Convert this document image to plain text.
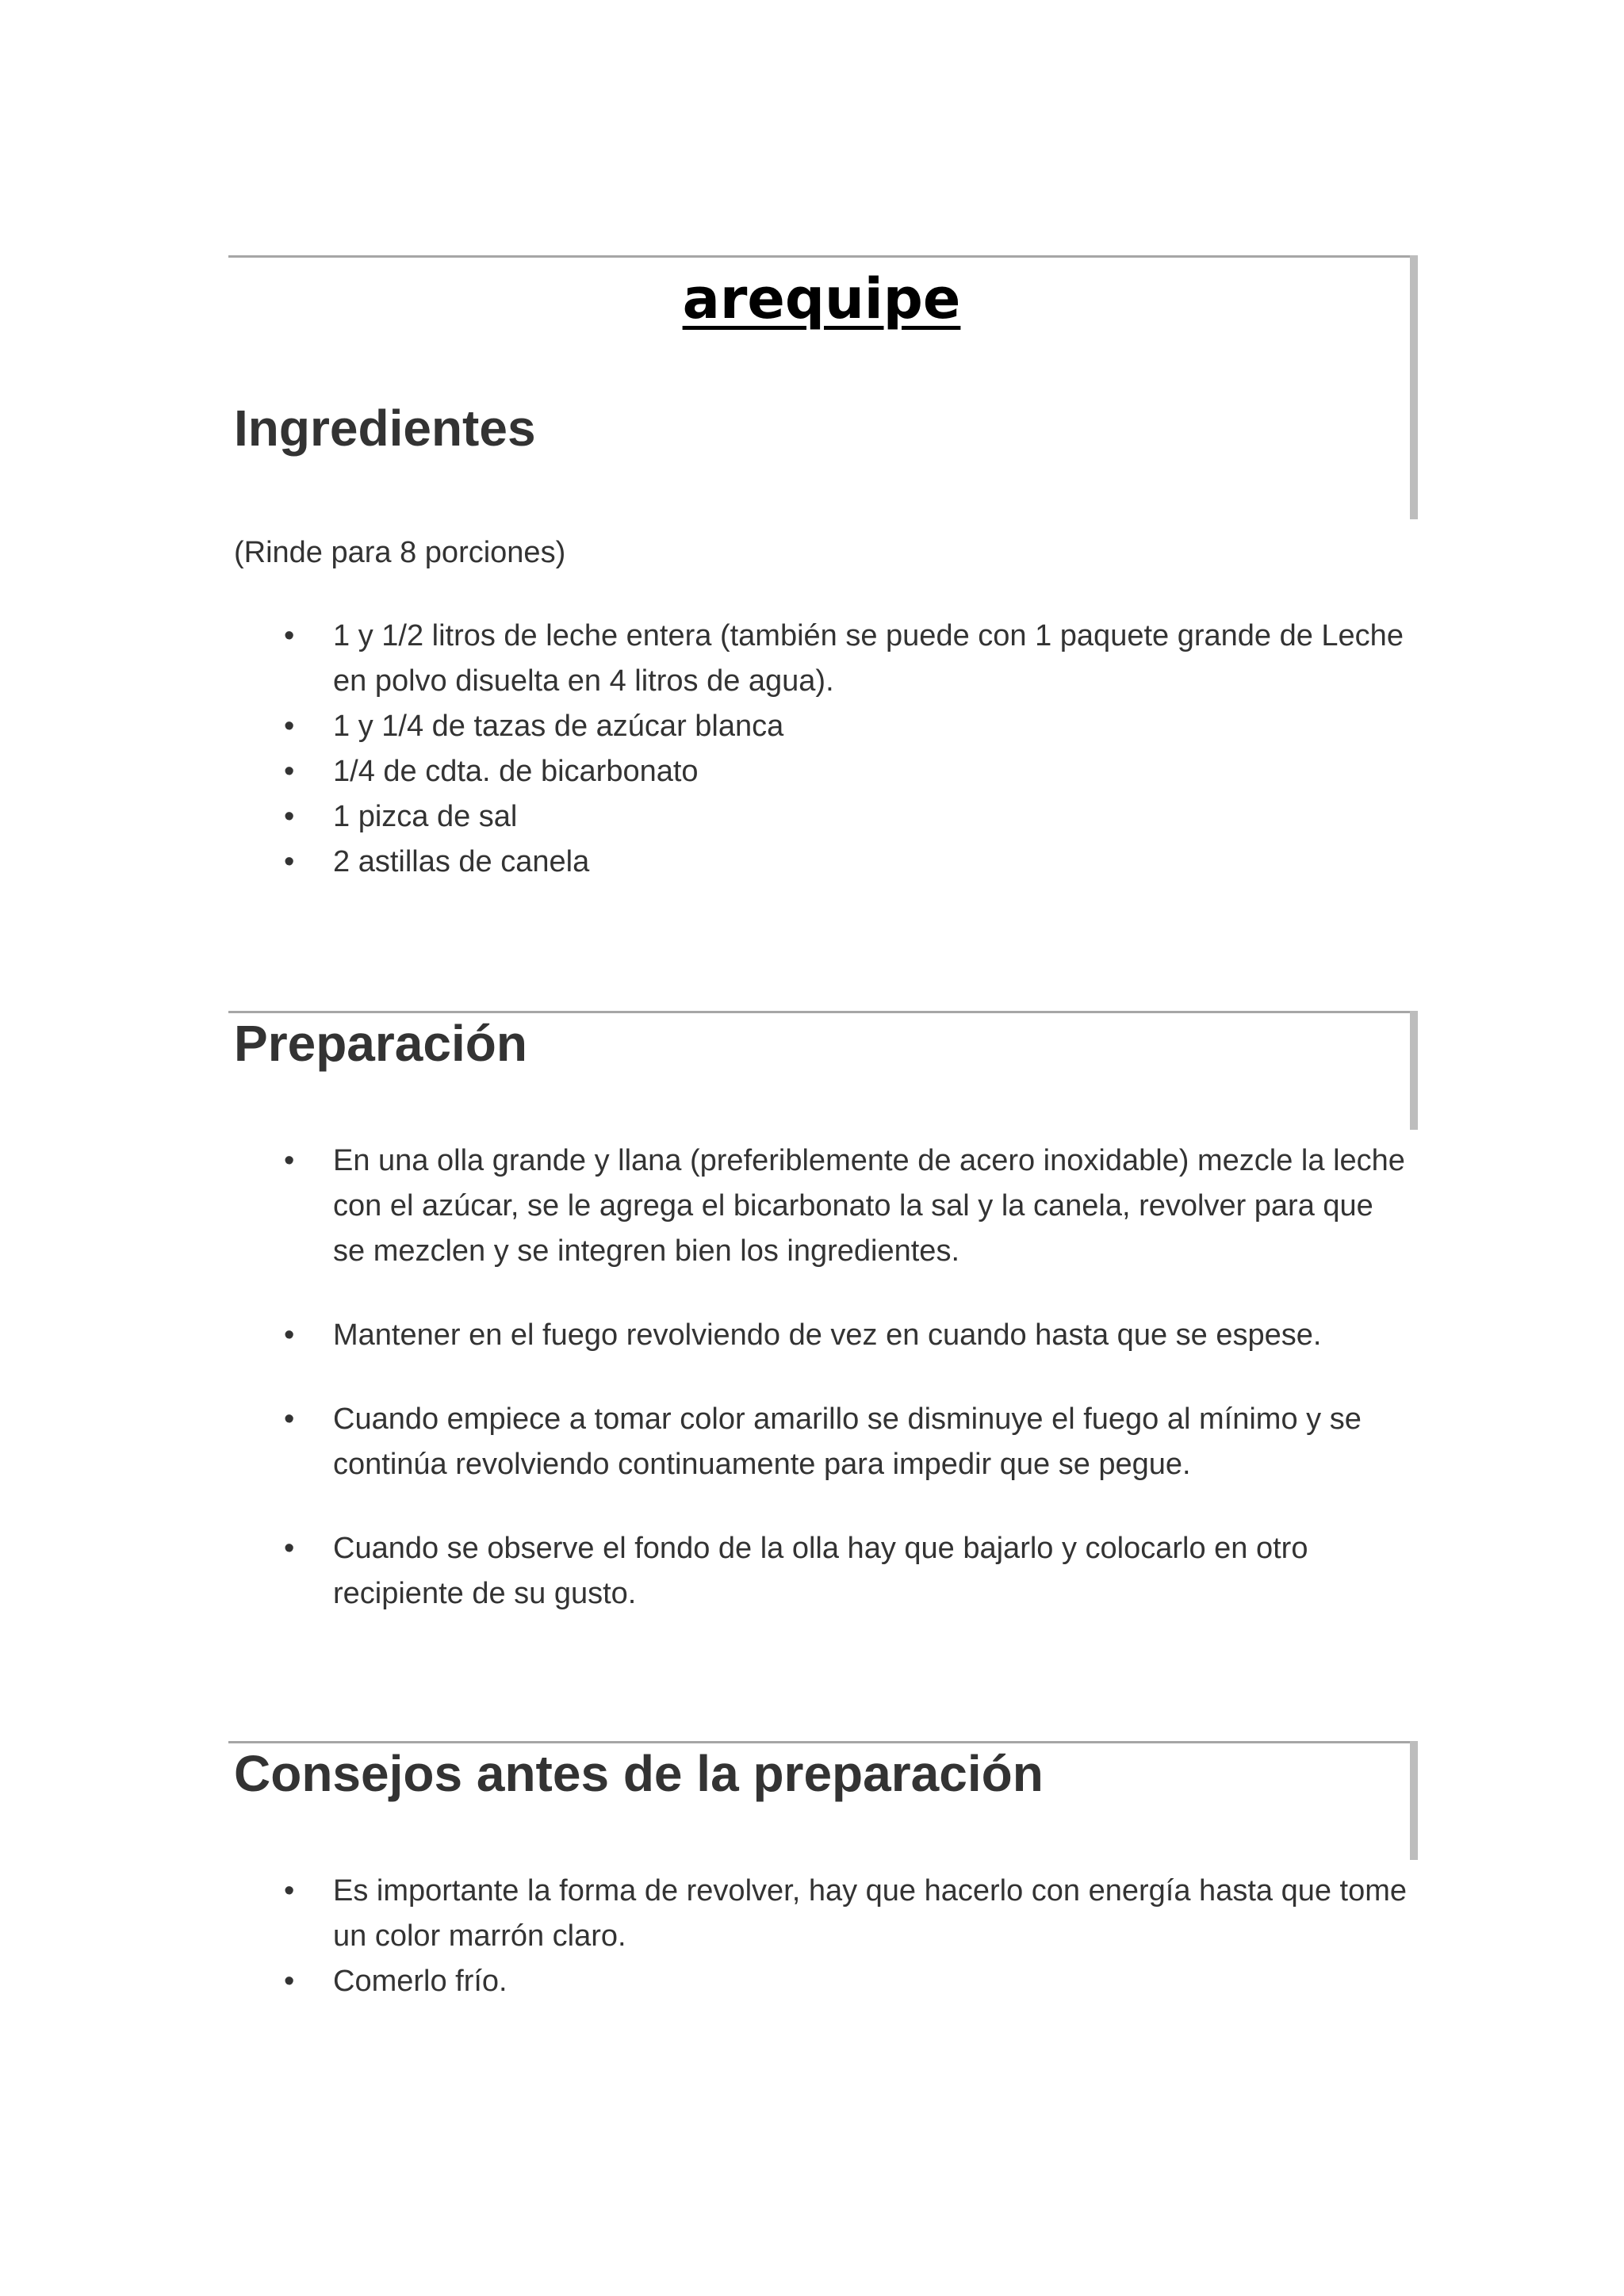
arequipe
Ingredientes

(Rinde para 8 porciones)

• 1 y 1/2 litros de leche entera (también se puede con 1 paquete grande de Leche en polvo disuelta en 4 litros de agua).
• 1 y 1/4 de tazas de azúcar blanca
• 1/4 de cdta. de bicarbonato
• 1 pizca de sal
• 2 astillas de canela
Preparación
• En una olla grande y llana (preferiblemente de acero inoxidable) mezcle la leche con el azúcar, se le agrega el bicarbonato la sal y la canela, revolver para que se mezclen y se integren bien los ingredientes.
• Mantener en el fuego revolviendo de vez en cuando hasta que se espese.
• Cuando empiece a tomar color amarillo se disminuye el fuego al mínimo y se continúa revolviendo continuamente para impedir que se pegue.
• Cuando se observe el fondo de la olla hay que bajarlo y colocarlo en otro recipiente de su gusto.
Consejos antes de la preparación
• Es importante la forma de revolver, hay que hacerlo con energía hasta que tome un color marrón claro.
• Comerlo frío.
